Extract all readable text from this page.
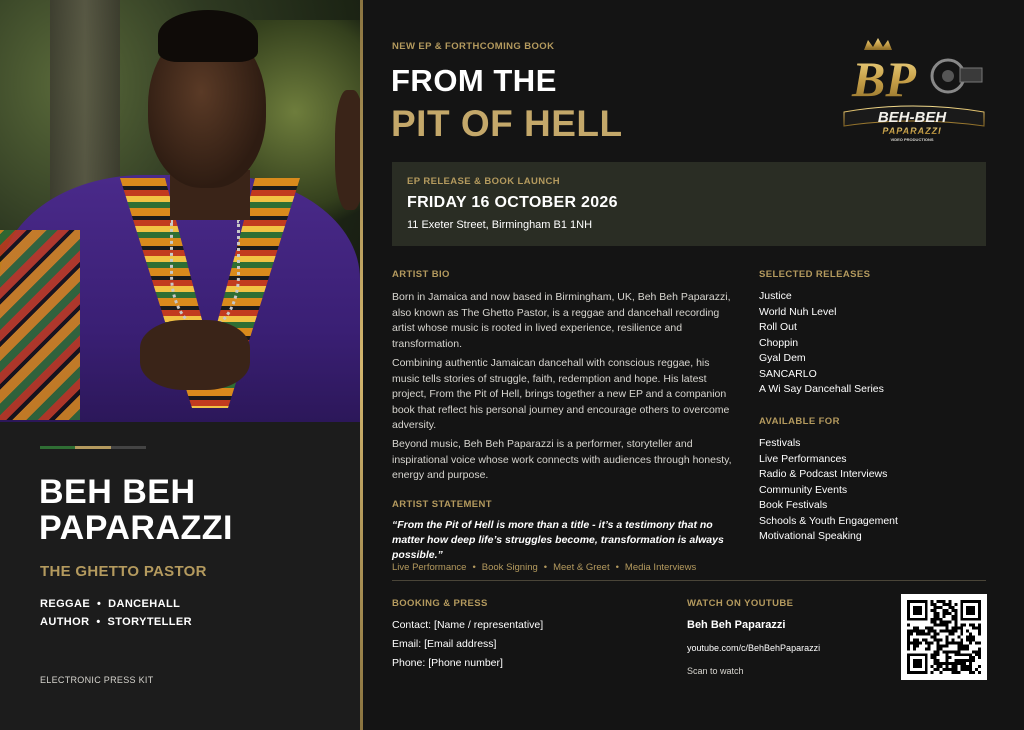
BEH BEH
PAPARAZZI
THE GHETTO PASTOR
REGGAE  •  DANCEHALL
AUTHOR  •  STORYTELLER
ELECTRONIC PRESS KIT
NEW EP & FORTHCOMING BOOK
FROM THE
PIT OF HELL
BP
BEH-BEH
PAPARAZZI
VIDEO PRODUCTIONS
EP RELEASE & BOOK LAUNCH
FRIDAY 16 OCTOBER 2026
11 Exeter Street, Birmingham B1 1NH
ARTIST BIO

Born in Jamaica and now based in Birmingham, UK, Beh Beh Paparazzi, also known as The Ghetto Pastor, is a reggae and dancehall recording artist whose music is rooted in lived experience, resilience and transformation.

Combining authentic Jamaican dancehall with conscious reggae, his music tells stories of struggle, faith, redemption and hope. His latest project, From the Pit of Hell, brings together a new EP and a companion book that reflect his personal journey and encourage others to overcome adversity.

Beyond music, Beh Beh Paparazzi is a performer, storyteller and inspirational voice whose work connects with audiences through honesty, energy and purpose.

SELECTED RELEASES
Justice
World Nuh Level
Roll Out
Choppin
Gyal Dem
SANCARLO
A Wi Say Dancehall Series
AVAILABLE FOR
Festivals
Live Performances
Radio & Podcast Interviews
Community Events
Book Festivals
Schools & Youth Engagement
Motivational Speaking
ARTIST STATEMENT
“From the Pit of Hell is more than a title - it’s a testimony that no matter how deep life’s struggles become, transformation is always possible.”
Live Performance • Book Signing • Meet & Greet • Media Interviews
BOOKING & PRESS
Contact: [Name / representative]
Email: [Email address]
Phone: [Phone number]
WATCH ON YOUTUBE
Beh Beh Paparazzi
youtube.com/c/BehBehPaparazzi
Scan to watch
